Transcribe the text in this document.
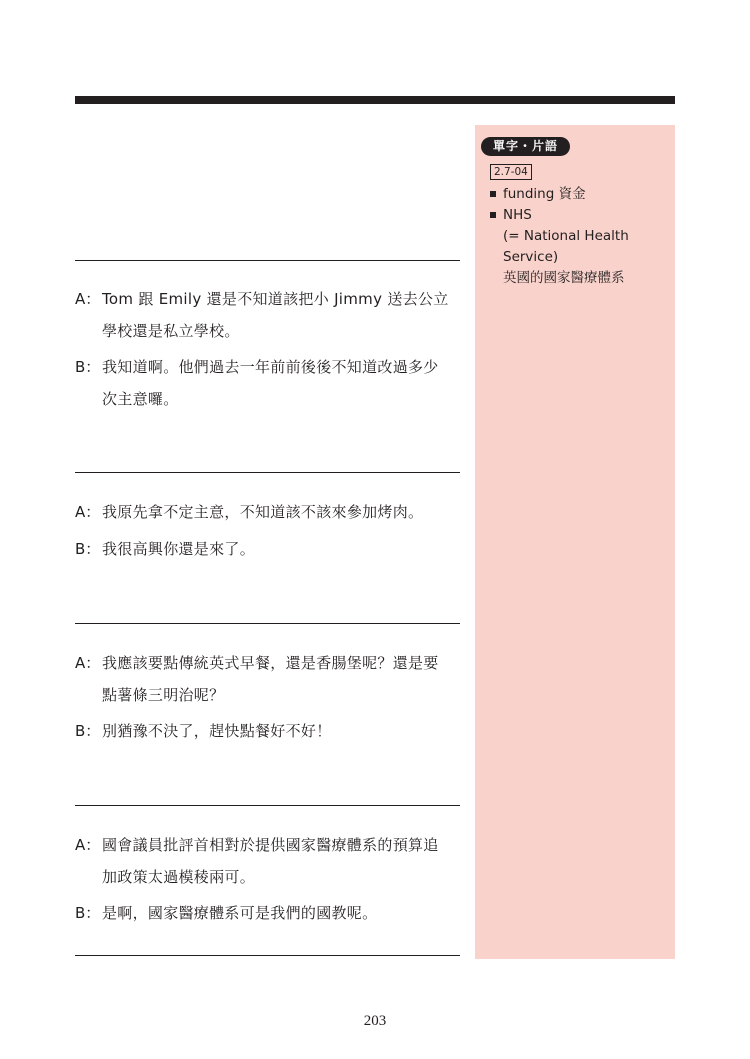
單字・片語
2.7-04
funding 資金
NHS
(= National Health
Service)
英國的國家醫療體系
A： Tom 跟 Emily 還是不知道該把小 Jimmy 送去公立
學校還是私立學校。
B： 我知道啊。他們過去一年前前後後不知道改過多少
次主意囉。
A： 我原先拿不定主意，不知道該不該來參加烤肉。
B： 我很高興你還是來了。
A： 我應該要點傳統英式早餐，還是香腸堡呢？還是要
點薯條三明治呢？
B： 別猶豫不決了，趕快點餐好不好！
A： 國會議員批評首相對於提供國家醫療體系的預算追
加政策太過模稜兩可。
B： 是啊，國家醫療體系可是我們的國教呢。
203
